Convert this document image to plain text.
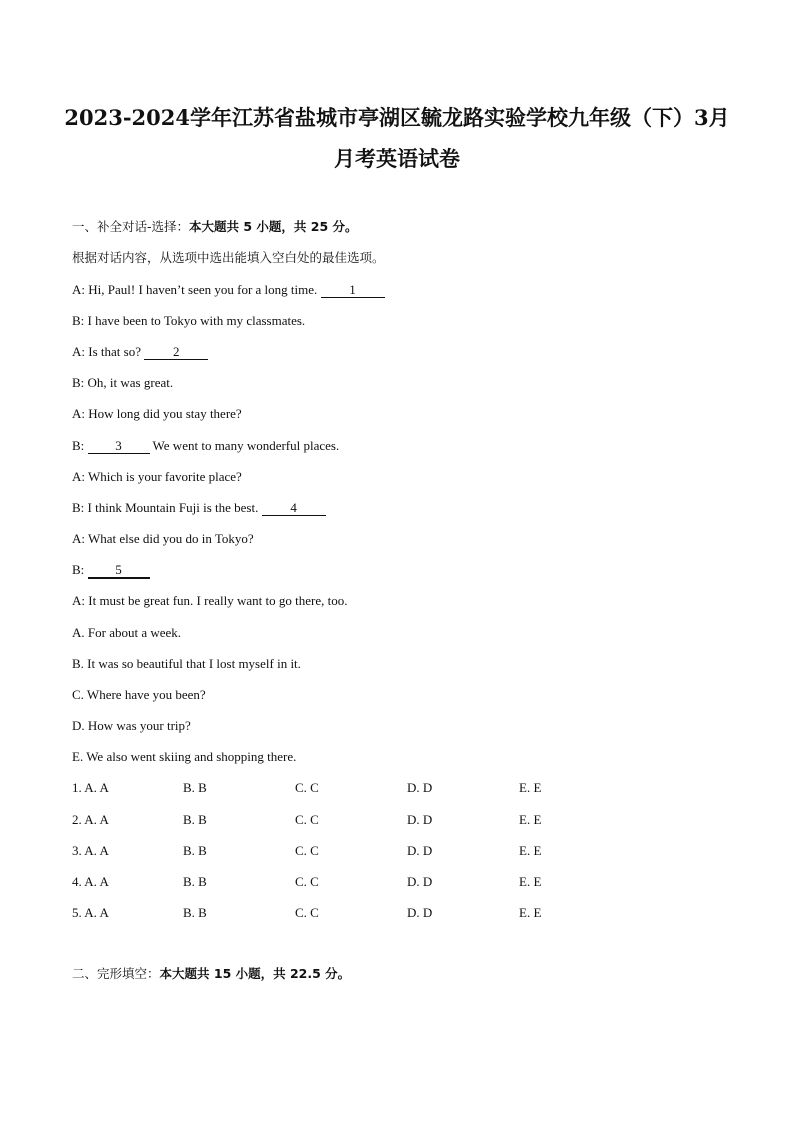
2023-2024学年江苏省盐城市亭湖区毓龙路实验学校九年级（下）3月
月考英语试卷
一、补全对话-选择：本大题共 5 小题，共 25 分。
根据对话内容，从选项中选出能填入空白处的最佳选项。
A: Hi, Paul! I haven’t seen you for a long time. 1
B: I have been to Tokyo with my classmates.
A: Is that so? 2
B: Oh, it was great.
A: How long did you stay there?
B: 3 We went to many wonderful places.
A: Which is your favorite place?
B: I think Mountain Fuji is the best. 4
A: What else did you do in Tokyo?
B: 5
A: It must be great fun. I really want to go there, too.
A. For about a week.
B. It was so beautiful that I lost myself in it.
C. Where have you been?
D. How was your trip?
E. We also went skiing and shopping there.
1. A. A	B. B	C. C	D. D	E. E
2. A. A	B. B	C. C	D. D	E. E
3. A. A	B. B	C. C	D. D	E. E
4. A. A	B. B	C. C	D. D	E. E
5. A. A	B. B	C. C	D. D	E. E
二、完形填空：本大题共 15 小题，共 22.5 分。
